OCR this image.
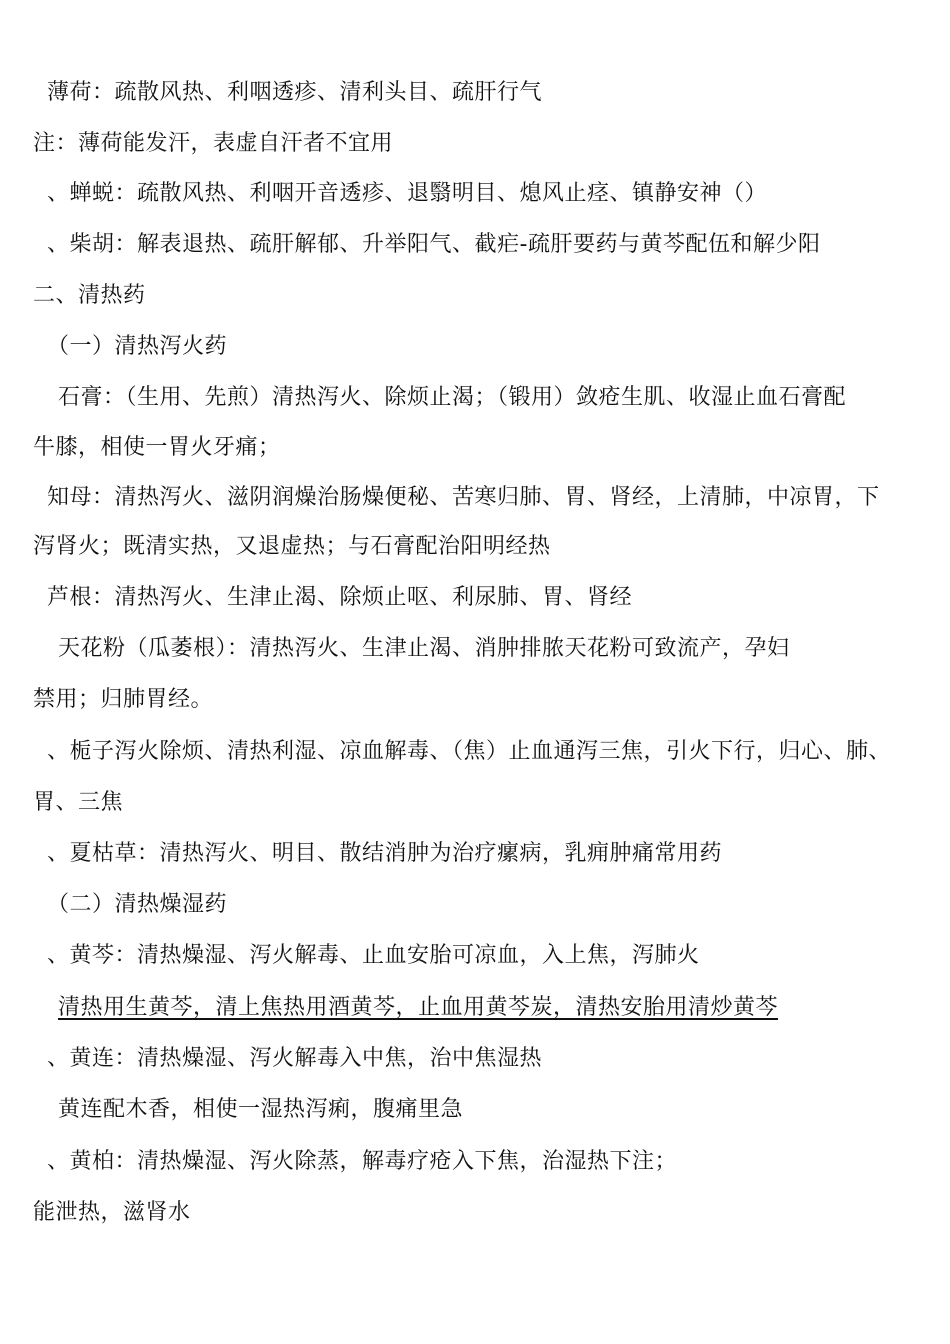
薄荷：疏散风热、利咽透疹、清利头目、疏肝行气
注：薄荷能发汗，表虚自汗者不宜用
、蝉蜕：疏散风热、利咽开音透疹、退翳明目、熄风止痉、镇静安神（）
、柴胡：解表退热、疏肝解郁、升举阳气、截疟-疏肝要药与黄芩配伍和解少阳
二、清热药
（一）清热泻火药
石膏：（生用、先煎）清热泻火、除烦止渴；（锻用）敛疮生肌、收湿止血石膏配
牛膝，相使一胃火牙痛；
知母：清热泻火、滋阴润燥治肠燥便秘、苦寒归肺、胃、肾经，上清肺，中凉胃，下
泻肾火；既清实热，又退虚热；与石膏配治阳明经热
芦根：清热泻火、生津止渴、除烦止呕、利尿肺、胃、肾经
天花粉（瓜萎根）：清热泻火、生津止渴、消肿排脓天花粉可致流产，孕妇
禁用；归肺胃经。
、栀子泻火除烦、清热利湿、凉血解毒、（焦）止血通泻三焦，引火下行，归心、肺、
胃、三焦
、夏枯草：清热泻火、明目、散结消肿为治疗瘰病，乳痈肿痛常用药
（二）清热燥湿药
、黄芩：清热燥湿、泻火解毒、止血安胎可凉血，入上焦，泻肺火
清热用生黄芩，清上焦热用酒黄芩，止血用黄芩炭，清热安胎用清炒黄芩
、黄连：清热燥湿、泻火解毒入中焦，治中焦湿热
黄连配木香，相使一湿热泻痢，腹痛里急
、黄柏：清热燥湿、泻火除蒸，解毒疗疮入下焦，治湿热下注；
能泄热，滋肾水
